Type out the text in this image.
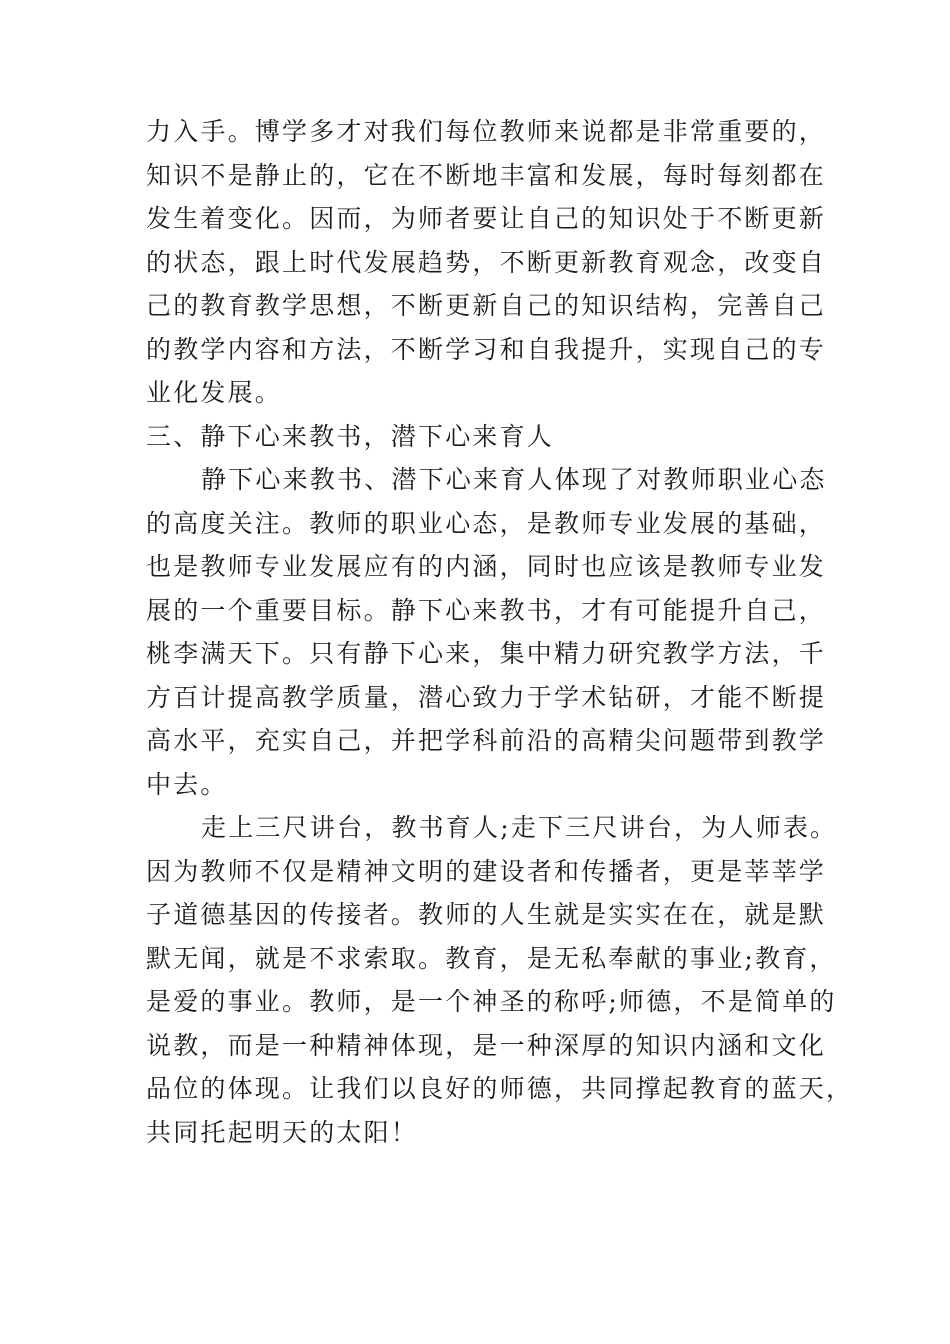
力入手。博学多才对我们每位教师来说都是非常重要的，
知识不是静止的，它在不断地丰富和发展，每时每刻都在
发生着变化。因而，为师者要让自己的知识处于不断更新
的状态，跟上时代发展趋势，不断更新教育观念，改变自
己的教育教学思想，不断更新自己的知识结构，完善自己
的教学内容和方法，不断学习和自我提升，实现自己的专
业化发展。
三、静下心来教书，潜下心来育人
静下心来教书、潜下心来育人体现了对教师职业心态
的高度关注。教师的职业心态，是教师专业发展的基础，
也是教师专业发展应有的内涵，同时也应该是教师专业发
展的一个重要目标。静下心来教书，才有可能提升自己，
桃李满天下。只有静下心来，集中精力研究教学方法，千
方百计提高教学质量，潜心致力于学术钻研，才能不断提
高水平，充实自己，并把学科前沿的高精尖问题带到教学
中去。
走上三尺讲台，教书育人;走下三尺讲台，为人师表。
因为教师不仅是精神文明的建设者和传播者，更是莘莘学
子道德基因的传接者。教师的人生就是实实在在，就是默
默无闻，就是不求索取。教育，是无私奉献的事业;教育，
是爱的事业。教师，是一个神圣的称呼;师德，不是简单的
说教，而是一种精神体现，是一种深厚的知识内涵和文化
品位的体现。让我们以良好的师德，共同撑起教育的蓝天，
共同托起明天的太阳！
